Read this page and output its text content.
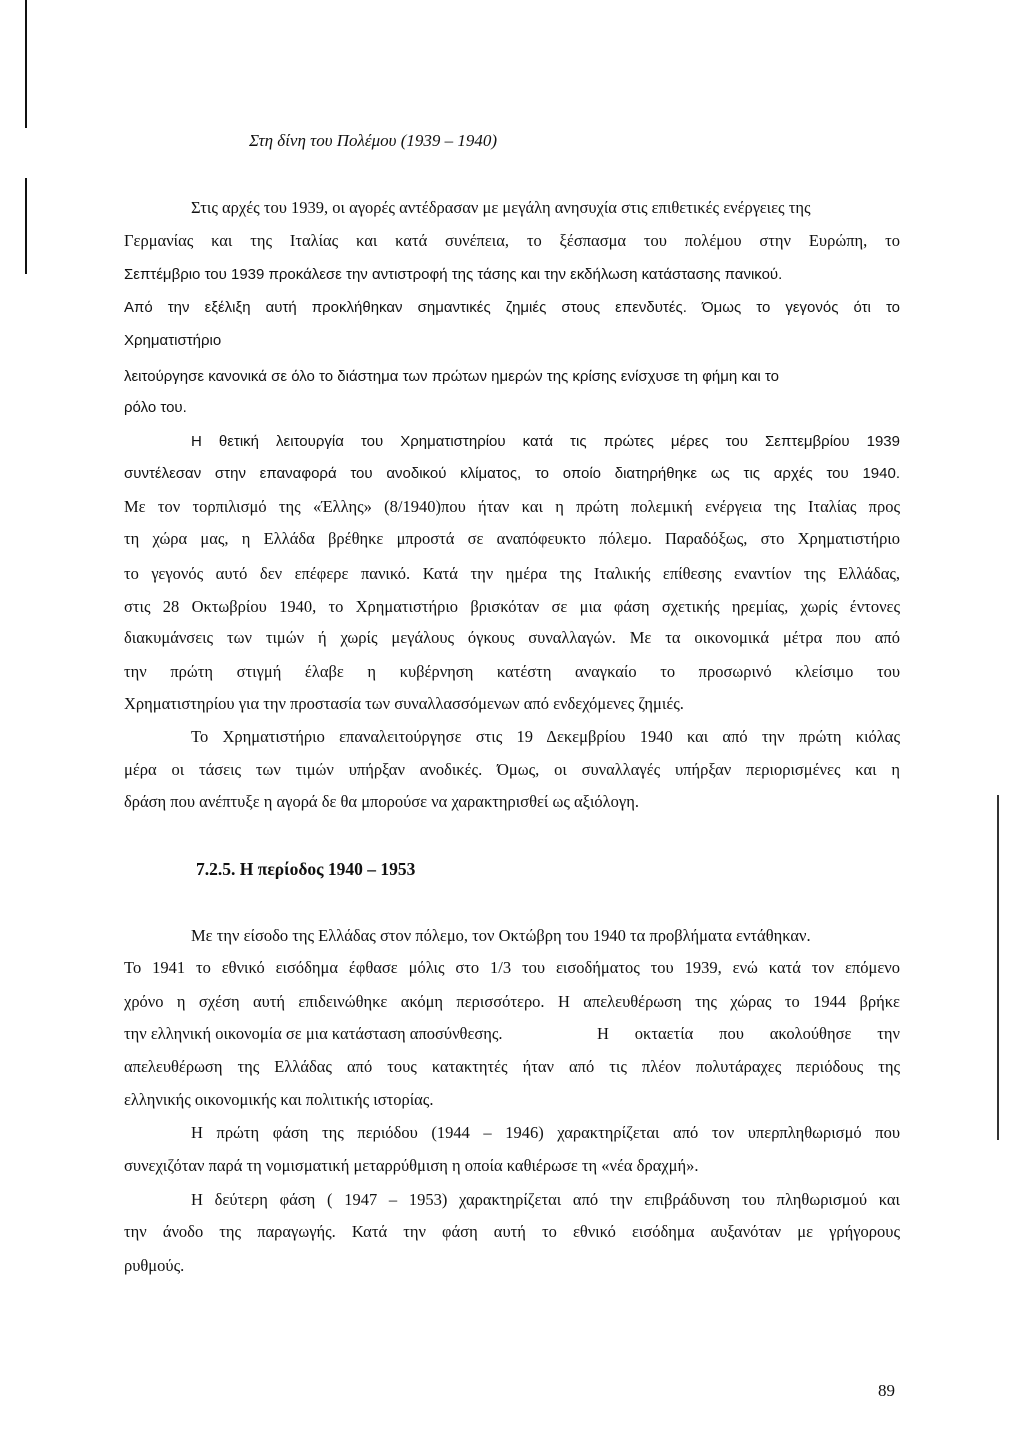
Στη δίνη του Πολέμου (1939 – 1940)
Στις αρχές του 1939, οι αγορές αντέδρασαν με μεγάλη ανησυχία στις επιθετικές ενέργειες της
Γερμανίας και της Ιταλίας και κατά συνέπεια, το ξέσπασμα του πολέμου στην Ευρώπη, το
Σεπτέμβριο του 1939 προκάλεσε την αντιστροφή της τάσης και την εκδήλωση κατάστασης πανικού.
Από την εξέλιξη αυτή προκλήθηκαν σημαντικές ζημιές στους επενδυτές. Όμως το γεγονός ότι το
Χρηματιστήριο
λειτούργησε κανονικά σε όλο το διάστημα των πρώτων ημερών της κρίσης ενίσχυσε τη φήμη και το
ρόλο του.
Η θετική λειτουργία του Χρηματιστηρίου κατά τις πρώτες μέρες του Σεπτεμβρίου 1939
συντέλεσαν στην επαναφορά του ανοδικού κλίματος, το οποίο διατηρήθηκε ως τις αρχές του 1940.
Με τον τορπιλισμό της «Έλλης» (8/1940)που ήταν και η πρώτη πολεμική ενέργεια της Ιταλίας προς
τη χώρα μας, η Ελλάδα βρέθηκε μπροστά σε αναπόφευκτο πόλεμο. Παραδόξως, στο Χρηματιστήριο
το γεγονός αυτό δεν επέφερε πανικό. Κατά την ημέρα της Ιταλικής επίθεσης εναντίον της Ελλάδας,
στις 28 Οκτωβρίου 1940, το Χρηματιστήριο βρισκόταν σε μια φάση σχετικής ηρεμίας, χωρίς έντονες
διακυμάνσεις των τιμών ή χωρίς μεγάλους όγκους συναλλαγών. Με τα οικονομικά μέτρα που από
την πρώτη στιγμή έλαβε η κυβέρνηση κατέστη αναγκαίο το προσωρινό κλείσιμο του
Χρηματιστηρίου για την προστασία των συναλλασσόμενων από ενδεχόμενες ζημιές.
Το Χρηματιστήριο επαναλειτούργησε στις 19 Δεκεμβρίου 1940 και από την πρώτη κιόλας
μέρα οι τάσεις των τιμών υπήρξαν ανοδικές. Όμως, οι συναλλαγές υπήρξαν περιορισμένες και η
δράση που ανέπτυξε η αγορά δε θα μπορούσε να χαρακτηρισθεί ως αξιόλογη.
7.2.5. Η περίοδος 1940 – 1953
Με την είσοδο της Ελλάδας στον πόλεμο, τον Οκτώβρη του 1940 τα προβλήματα εντάθηκαν.
Το 1941 το εθνικό εισόδημα έφθασε μόλις στο 1/3 του εισοδήματος του 1939, ενώ κατά τον επόμενο
χρόνο η σχέση αυτή επιδεινώθηκε ακόμη περισσότερο. Η απελευθέρωση της χώρας το 1944 βρήκε
την ελληνική οικονομία σε μια κατάσταση αποσύνθεσης.	Η οκταετία που ακολούθησε την
απελευθέρωση της Ελλάδας από τους κατακτητές ήταν από τις πλέον πολυτάραχες περιόδους της
ελληνικής οικονομικής και πολιτικής ιστορίας.
Η πρώτη φάση της περιόδου (1944 – 1946) χαρακτηρίζεται από τον υπερπληθωρισμό που
συνεχιζόταν παρά τη νομισματική μεταρρύθμιση η οποία καθιέρωσε τη «νέα δραχμή».
Η δεύτερη φάση ( 1947 – 1953) χαρακτηρίζεται από την επιβράδυνση του πληθωρισμού και
την άνοδο της παραγωγής. Κατά την φάση αυτή το εθνικό εισόδημα αυξανόταν με γρήγορους
ρυθμούς.
89
